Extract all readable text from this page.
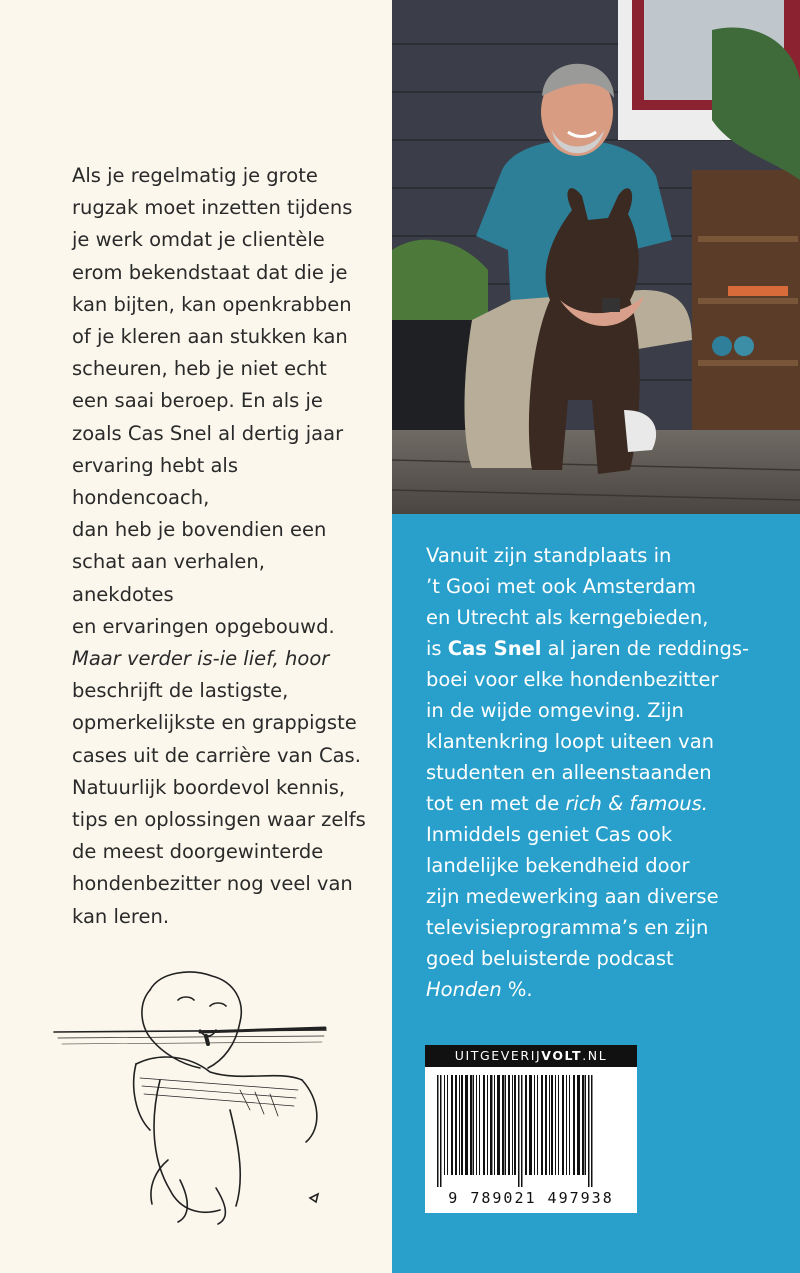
Als je regelmatig je grote
rugzak moet inzetten tijdens
je werk omdat je clientèle
erom bekendstaat dat die je
kan bijten, kan openkrabben
of je kleren aan stukken kan
scheuren, heb je niet echt
een saai beroep. En als je
zoals Cas Snel al dertig jaar
ervaring hebt als hondencoach,
dan heb je bovendien een
schat aan verhalen, anekdotes
en ervaringen opgebouwd.
Maar verder is-ie lief, hoor
beschrijft de lastigste,
opmerkelijkste en grappigste
cases uit de carrière van Cas.
Natuurlijk boordevol kennis,
tips en oplossingen waar zelfs
de meest doorgewinterde
hondenbezitter nog veel van
kan leren.
Vanuit zijn standplaats in
’t Gooi met ook Amsterdam
en Utrecht als kerngebieden,
is Cas Snel al jaren de reddings-
boei voor elke hondenbezitter
in de wijde omgeving. Zijn
klantenkring loopt uiteen van
studenten en alleenstaanden
tot en met de rich & famous.
Inmiddels geniet Cas ook
landelijke bekendheid door
zijn medewerking aan diverse
televisieprogramma’s en zijn
goed beluisterde podcast
Honden %.
UITGEVERIJVOLT.NL
9 789021 497938
